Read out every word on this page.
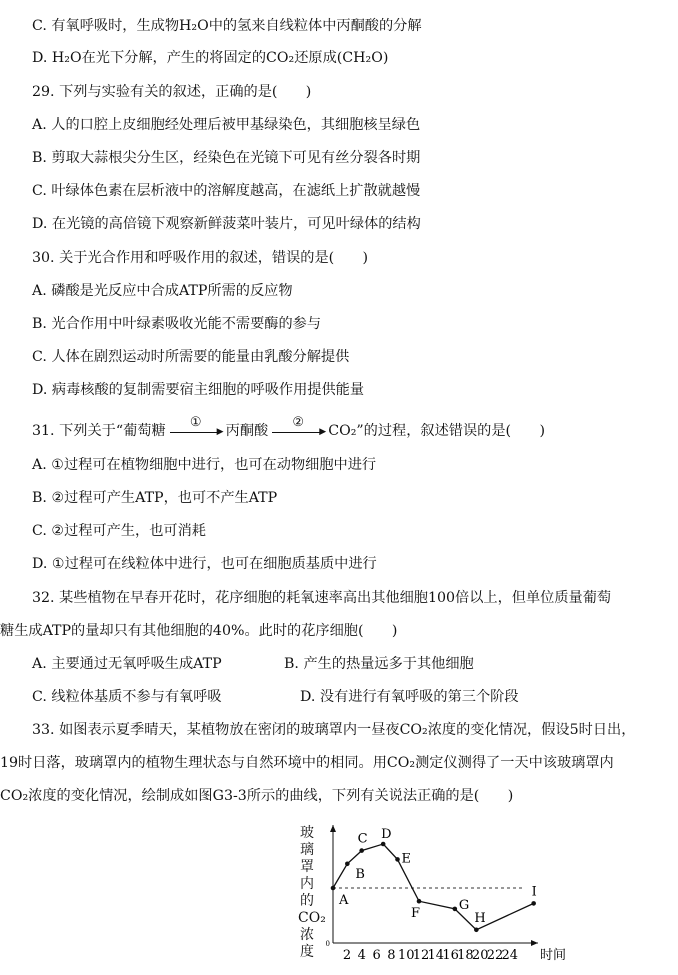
C. 有氧呼吸时，生成物H₂O中的氢来自线粒体中丙酮酸的分解
D. H₂O在光下分解，产生的将固定的CO₂还原成(CH₂O)
29. 下列与实验有关的叙述，正确的是(　　)
A. 人的口腔上皮细胞经处理后被甲基绿染色，其细胞核呈绿色
B. 剪取大蒜根尖分生区，经染色在光镜下可见有丝分裂各时期
C. 叶绿体色素在层析液中的溶解度越高，在滤纸上扩散就越慢
D. 在光镜的高倍镜下观察新鲜菠菜叶装片，可见叶绿体的结构
30. 关于光合作用和呼吸作用的叙述，错误的是(　　)
A. 磷酸是光反应中合成ATP所需的反应物
B. 光合作用中叶绿素吸收光能不需要酶的参与
C. 人体在剧烈运动时所需要的能量由乳酸分解提供
D. 病毒核酸的复制需要宿主细胞的呼吸作用提供能量
31. 下列关于“葡萄糖
①
▶ 丙酮酸
②
▶ CO₂”的过程，叙述错误的是(　　)
A. ①过程可在植物细胞中进行，也可在动物细胞中进行
B. ②过程可产生ATP，也可不产生ATP
C. ②过程可产生，也可消耗
D. ①过程可在线粒体中进行，也可在细胞质基质中进行
32. 某些植物在早春开花时，花序细胞的耗氧速率高出其他细胞100倍以上，但单位质量葡萄
糖生成ATP的量却只有其他细胞的40%。此时的花序细胞(　　)
A. 主要通过无氧呼吸生成ATP	B. 产生的热量远多于其他细胞
C. 线粒体基质不参与有氧呼吸	D. 没有进行有氧呼吸的第三个阶段
33. 如图表示夏季晴天，某植物放在密闭的玻璃罩内一昼夜CO₂浓度的变化情况，假设5时日出，
19时日落，玻璃罩内的植物生理状态与自然环境中的相同。用CO₂测定仪测得了一天中该玻璃罩内
CO₂浓度的变化情况，绘制成如图G3-3所示的曲线，下列有关说法正确的是(　　)
玻璃罩内的CO₂浓度 0
2 4 6 8 10
12
14
16
18
20
22
24 时间
A
B
C D
E
F
G
H
I
